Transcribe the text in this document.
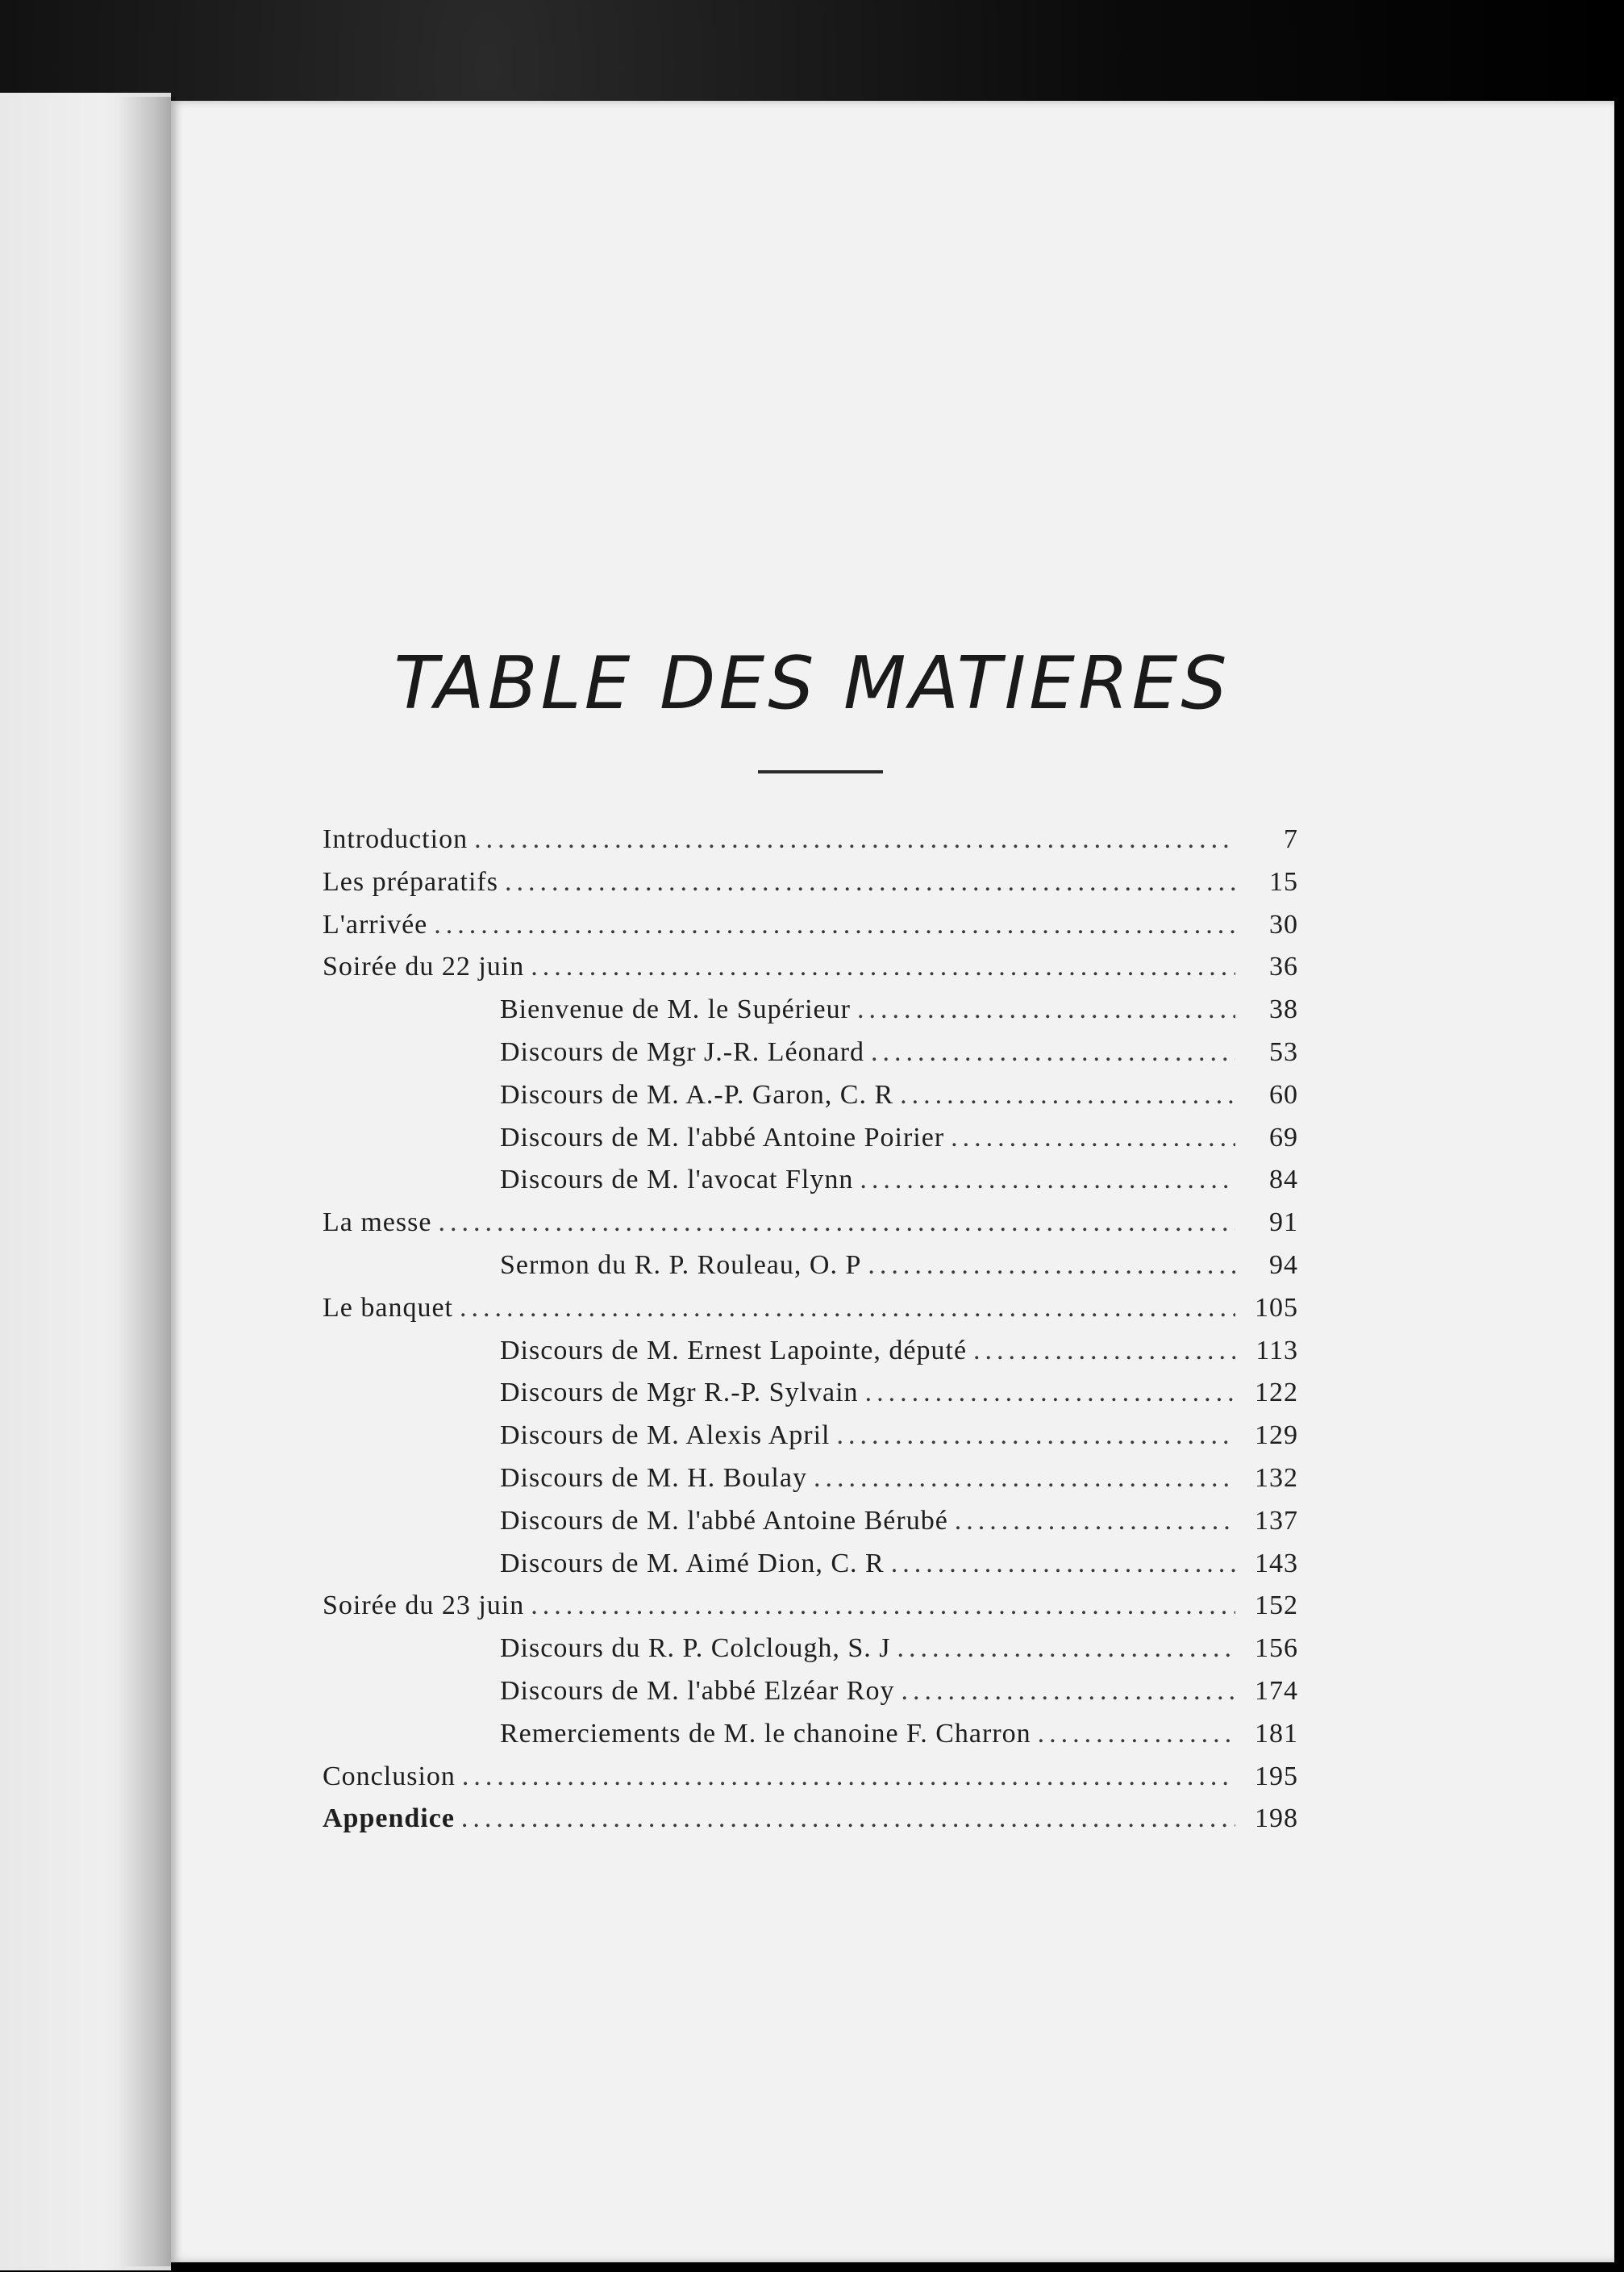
TABLE DES MATIERES
Introduction .....	7
Les préparatifs .....	15
L'arrivée .....	30
Soirée du 22 juin .....	36
Bienvenue de M. le Supérieur .....	38
Discours de Mgr J.-R. Léonard .....	53
Discours de M. A.-P. Garon, C. R .....	60
Discours de M. l'abbé Antoine Poirier .....	69
Discours de M. l'avocat Flynn .....	84
La messe .....	91
Sermon du R. P. Rouleau, O. P .....	94
Le banquet .....	105
Discours de M. Ernest Lapointe, député .....	113
Discours de Mgr R.-P. Sylvain .....	122
Discours de M. Alexis April .....	129
Discours de M. H. Boulay .....	132
Discours de M. l'abbé Antoine Bérubé .....	137
Discours de M. Aimé Dion, C. R .....	143
Soirée du 23 juin .....	152
Discours du R. P. Colclough, S. J .....	156
Discours de M. l'abbé Elzéar Roy .....	174
Remerciements de M. le chanoine F. Charron .....	181
Conclusion .....	195
Appendice .....	198
